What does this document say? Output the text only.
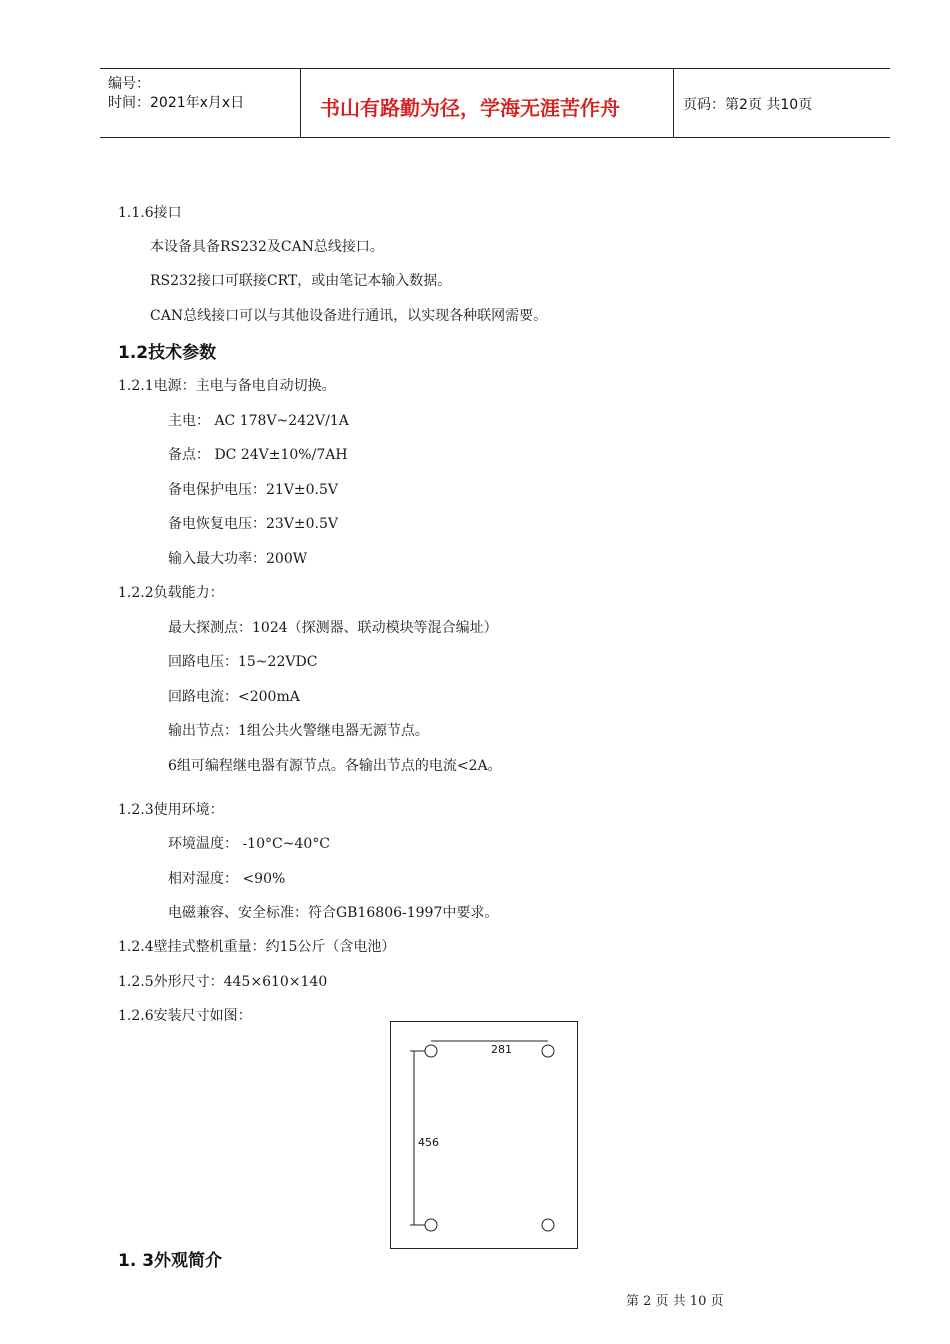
编号：
时间：2021年x月x日	书山有路勤为径，学海无涯苦作舟	页码：第2页 共10页
1.1.6接口
本设备具备RS232及CAN总线接口。
RS232接口可联接CRT，或由笔记本输入数据。
CAN总线接口可以与其他设备进行通讯，以实现各种联网需要。
1.2技术参数
1.2.1电源：主电与备电自动切换。
主电： AC 178V~242V/1A
备点： DC 24V±10%/7AH
备电保护电压：21V±0.5V
备电恢复电压：23V±0.5V
输入最大功率：200W
1.2.2负载能力：
最大探测点：1024（探测器、联动模块等混合编址）
回路电压：15~22VDC
回路电流：<200mA
输出节点：1组公共火警继电器无源节点。
6组可编程继电器有源节点。各输出节点的电流<2A。
1.2.3使用环境：
环境温度： -10°C~40°C
相对湿度： <90%
电磁兼容、安全标准：符合GB16806-1997中要求。
1.2.4壁挂式整机重量：约15公斤（含电池）
1.2.5外形尺寸：445×610×140
1.2.6安装尺寸如图：
281
456
1. 3外观简介
第 2 页 共 10 页
